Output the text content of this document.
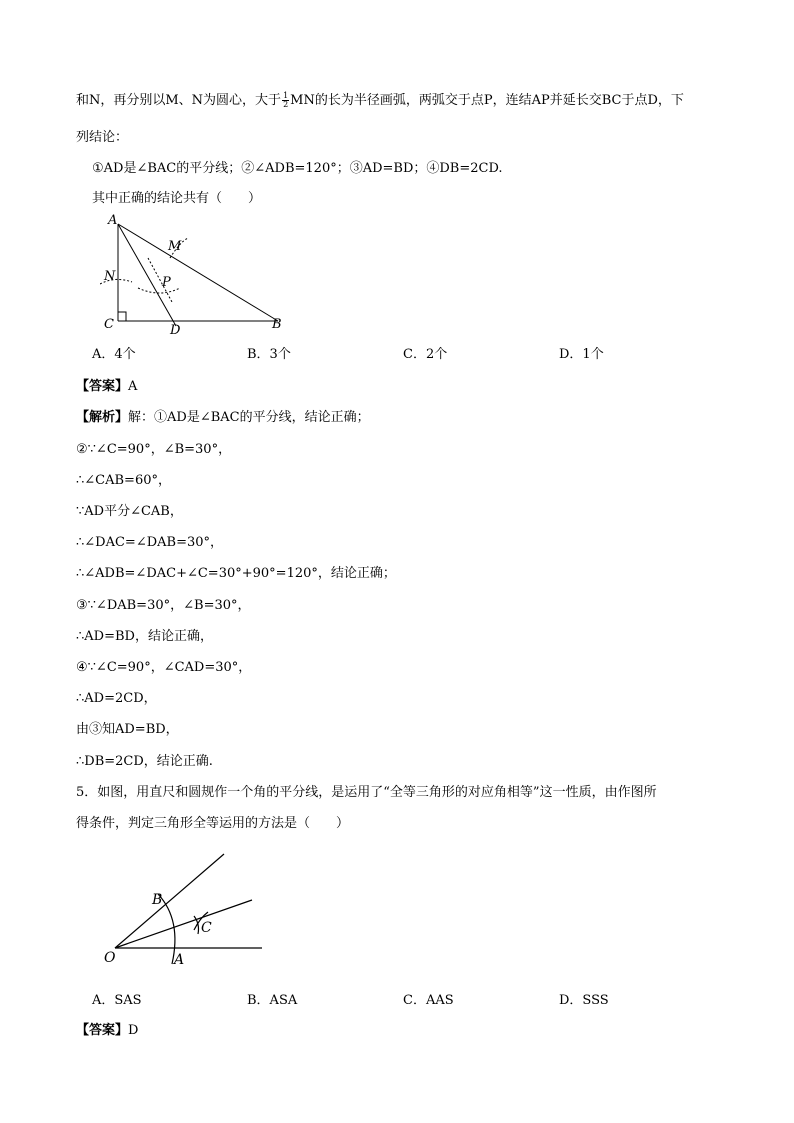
和N，再分别以M、N为圆心，大于 $\frac{1}{2}$ MN的长为半径画弧，两弧交于点P，连结AP并延长交BC于点D，下
列结论：
①AD是∠BAC的平分线；②∠ADB=120°；③AD=BD；④DB=2CD.
其中正确的结论共有（　　）
A
M
N	P
C	D	B
A．4个	B．3个	C．2个	D．1个
【答案】A
【解析】解：①AD是∠BAC的平分线，结论正确；
②∵∠C=90°，∠B=30°，
∴∠CAB=60°，
∵AD平分∠CAB，
∴∠DAC=∠DAB=30°，
∴∠ADB=∠DAC+∠C=30°+90°=120°，结论正确；
③∵∠DAB=30°，∠B=30°，
∴AD=BD，结论正确，
④∵∠C=90°，∠CAD=30°，
∴AD=2CD，
由③知AD=BD，
∴DB=2CD，结论正确.
5．如图，用直尺和圆规作一个角的平分线，是运用了“全等三角形的对应角相等”这一性质，由作图所
得条件，判定三角形全等运用的方法是（　　）
O	A
B
C
A．SAS	B．ASA	C．AAS	D．SSS
【答案】D
